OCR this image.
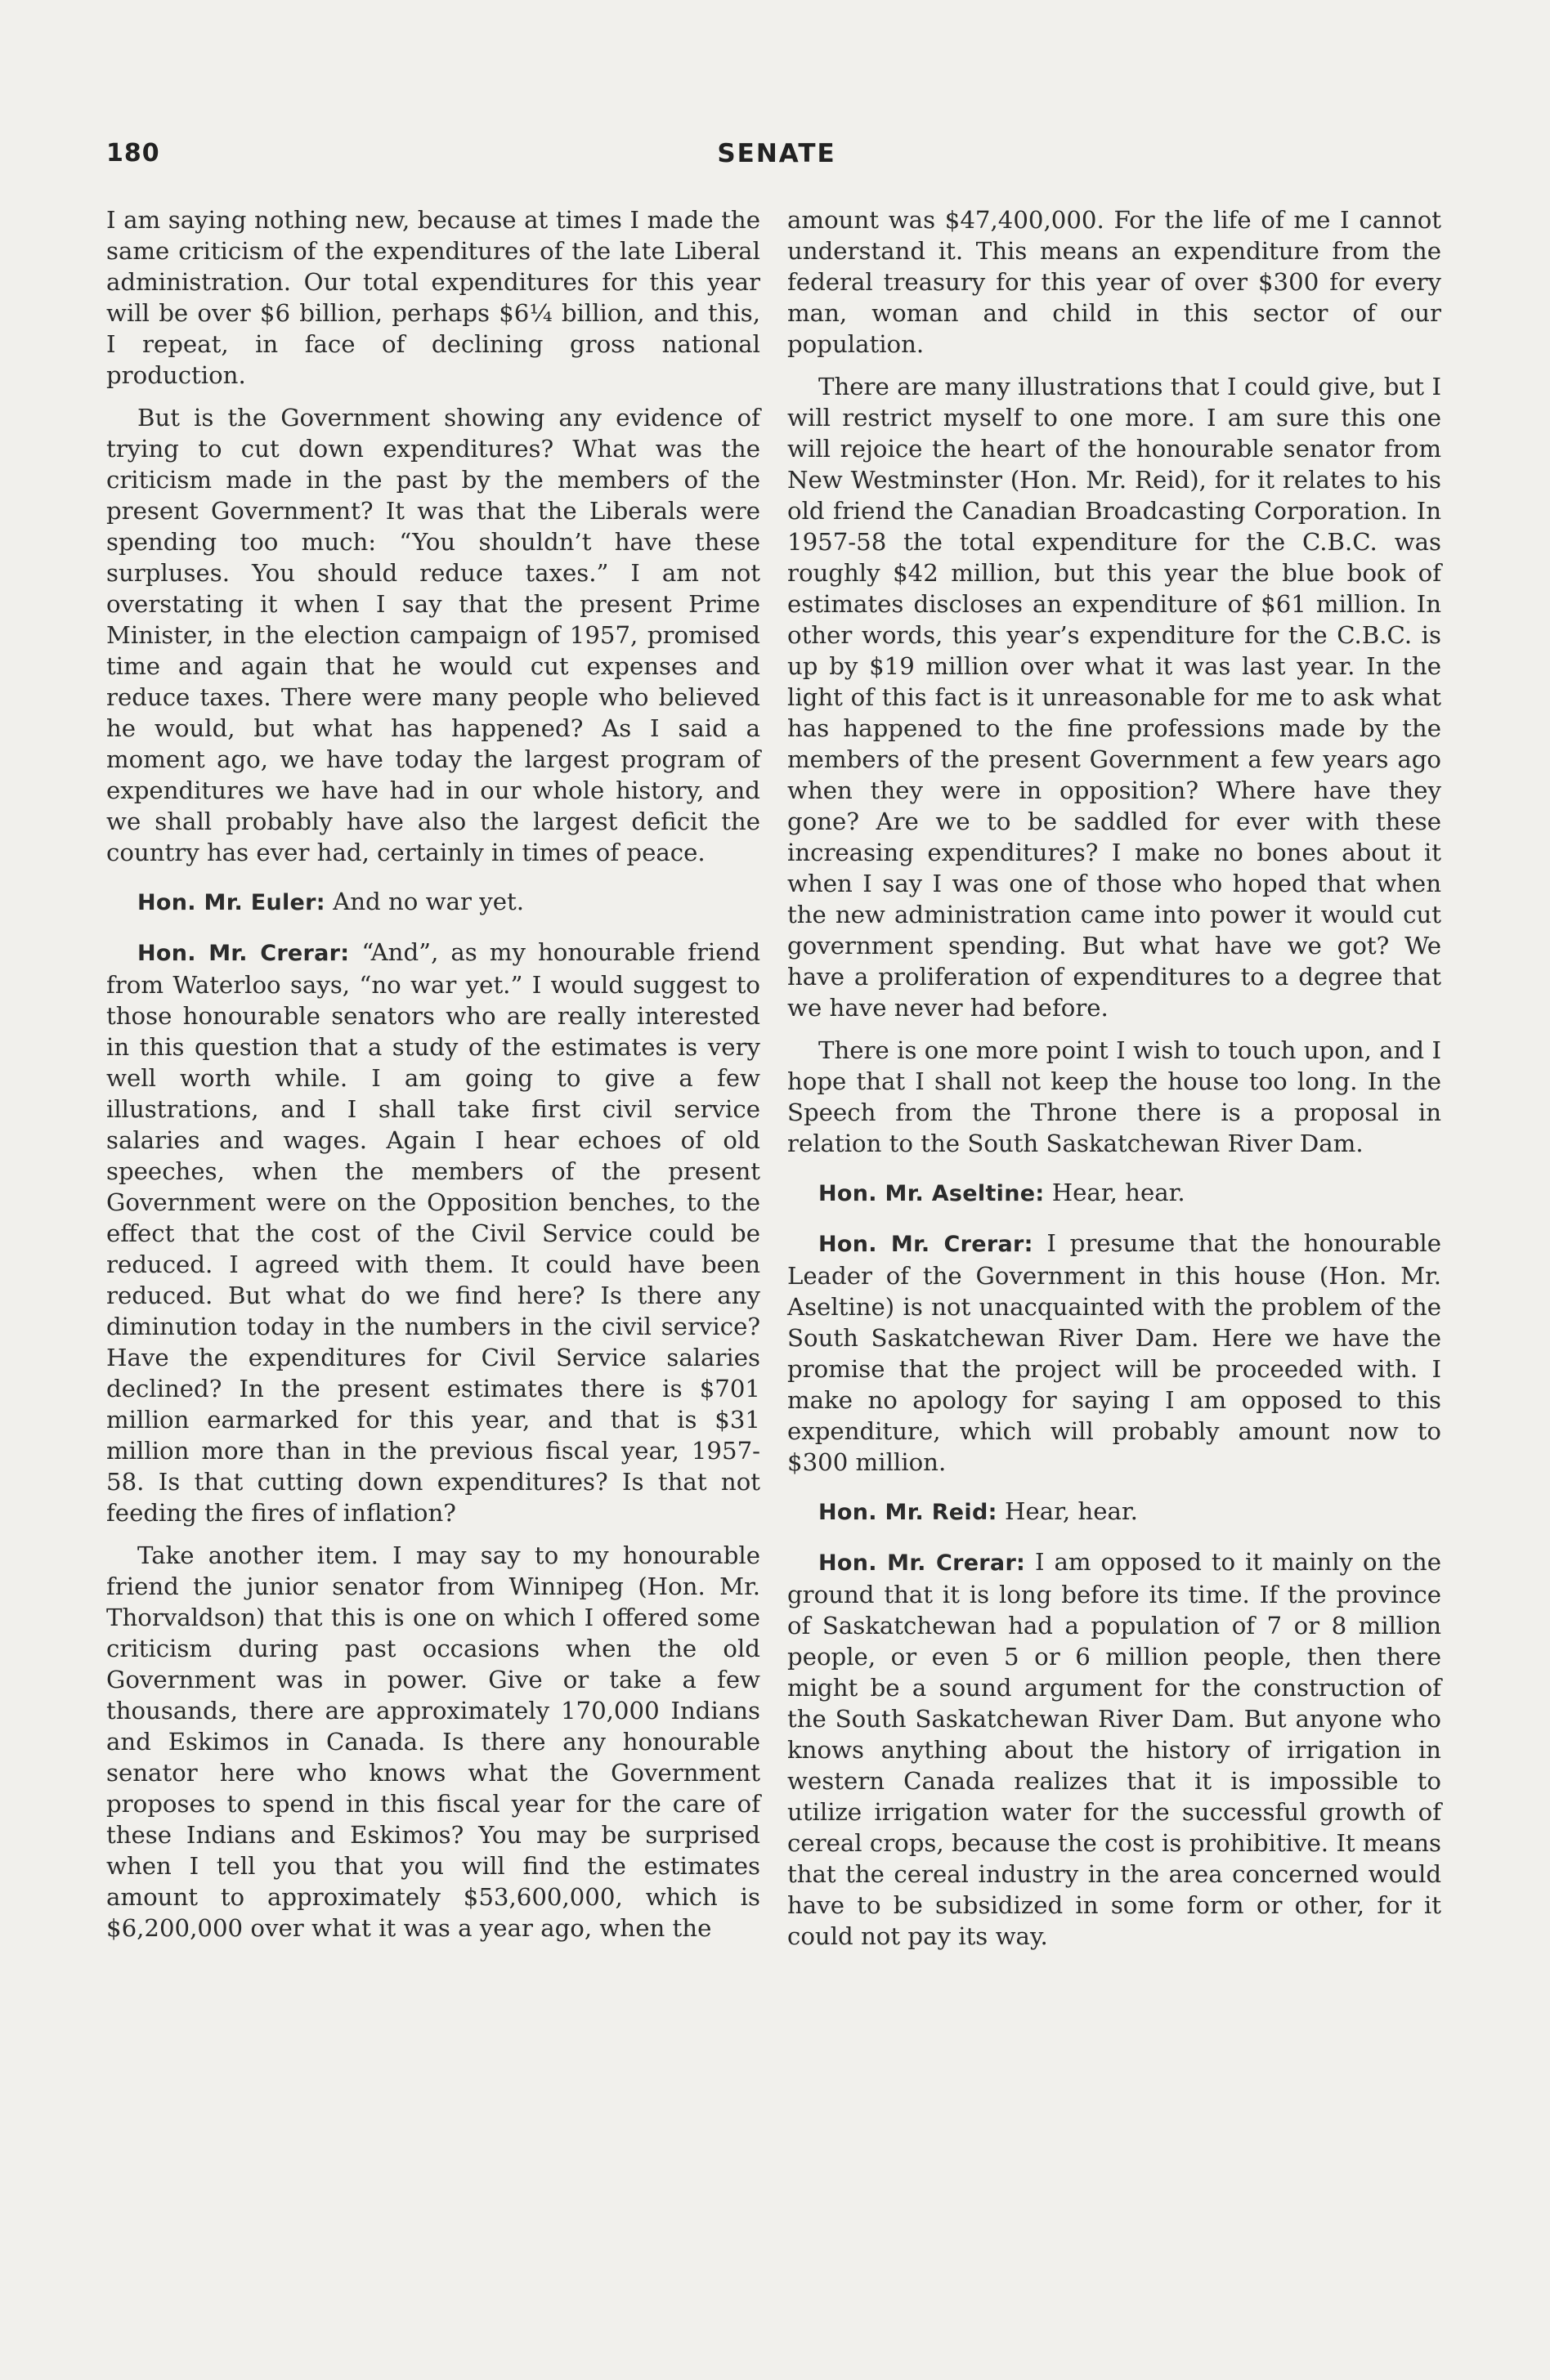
180	SENATE

I am saying nothing new, because at times I made the same criticism of the expenditures of the late Liberal administration. Our total expenditures for this year will be over $6 billion, perhaps $6¼ billion, and this, I repeat, in face of declining gross national production.

But is the Government showing any evidence of trying to cut down expenditures? What was the criticism made in the past by the members of the present Government? It was that the Liberals were spending too much: “You shouldn’t have these surpluses. You should reduce taxes.” I am not overstating it when I say that the present Prime Minister, in the election campaign of 1957, promised time and again that he would cut expenses and reduce taxes. There were many people who believed he would, but what has happened? As I said a moment ago, we have today the largest program of expenditures we have had in our whole history, and we shall probably have also the largest deficit the country has ever had, certainly in times of peace.

Hon. Mr. Euler: And no war yet.

Hon. Mr. Crerar: “And”, as my honourable friend from Waterloo says, “no war yet.” I would suggest to those honourable senators who are really interested in this question that a study of the estimates is very well worth while. I am going to give a few illustrations, and I shall take first civil service salaries and wages. Again I hear echoes of old speeches, when the members of the present Government were on the Opposition benches, to the effect that the cost of the Civil Service could be reduced. I agreed with them. It could have been reduced. But what do we find here? Is there any diminution today in the numbers in the civil service? Have the expenditures for Civil Service salaries declined? In the present estimates there is $701 million earmarked for this year, and that is $31 million more than in the previous fiscal year, 1957-58. Is that cutting down expenditures? Is that not feeding the fires of inflation?

Take another item. I may say to my honourable friend the junior senator from Winnipeg (Hon. Mr. Thorvaldson) that this is one on which I offered some criticism during past occasions when the old Government was in power. Give or take a few thousands, there are approximately 170,000 Indians and Eskimos in Canada. Is there any honourable senator here who knows what the Government proposes to spend in this fiscal year for the care of these Indians and Eskimos? You may be surprised when I tell you that you will find the estimates amount to approximately $53,600,000, which is $6,200,000 over what it was a year ago, when the

amount was $47,400,000. For the life of me I cannot understand it. This means an expenditure from the federal treasury for this year of over $300 for every man, woman and child in this sector of our population.

There are many illustrations that I could give, but I will restrict myself to one more. I am sure this one will rejoice the heart of the honourable senator from New Westminster (Hon. Mr. Reid), for it relates to his old friend the Canadian Broadcasting Corporation. In 1957-58 the total expenditure for the C.B.C. was roughly $42 million, but this year the blue book of estimates discloses an expenditure of $61 million. In other words, this year’s expenditure for the C.B.C. is up by $19 million over what it was last year. In the light of this fact is it unreasonable for me to ask what has happened to the fine professions made by the members of the present Government a few years ago when they were in opposition? Where have they gone? Are we to be saddled for ever with these increasing expenditures? I make no bones about it when I say I was one of those who hoped that when the new administration came into power it would cut government spending. But what have we got? We have a proliferation of expenditures to a degree that we have never had before.

There is one more point I wish to touch upon, and I hope that I shall not keep the house too long. In the Speech from the Throne there is a proposal in relation to the South Saskatchewan River Dam.

Hon. Mr. Aseltine: Hear, hear.

Hon. Mr. Crerar: I presume that the honourable Leader of the Government in this house (Hon. Mr. Aseltine) is not unacquainted with the problem of the South Saskatchewan River Dam. Here we have the promise that the project will be proceeded with. I make no apology for saying I am opposed to this expenditure, which will probably amount now to $300 million.

Hon. Mr. Reid: Hear, hear.

Hon. Mr. Crerar: I am opposed to it mainly on the ground that it is long before its time. If the province of Saskatchewan had a population of 7 or 8 million people, or even 5 or 6 million people, then there might be a sound argument for the construction of the South Saskatchewan River Dam. But anyone who knows anything about the history of irrigation in western Canada realizes that it is impossible to utilize irrigation water for the successful growth of cereal crops, because the cost is prohibitive. It means that the cereal industry in the area concerned would have to be subsidized in some form or other, for it could not pay its way.
